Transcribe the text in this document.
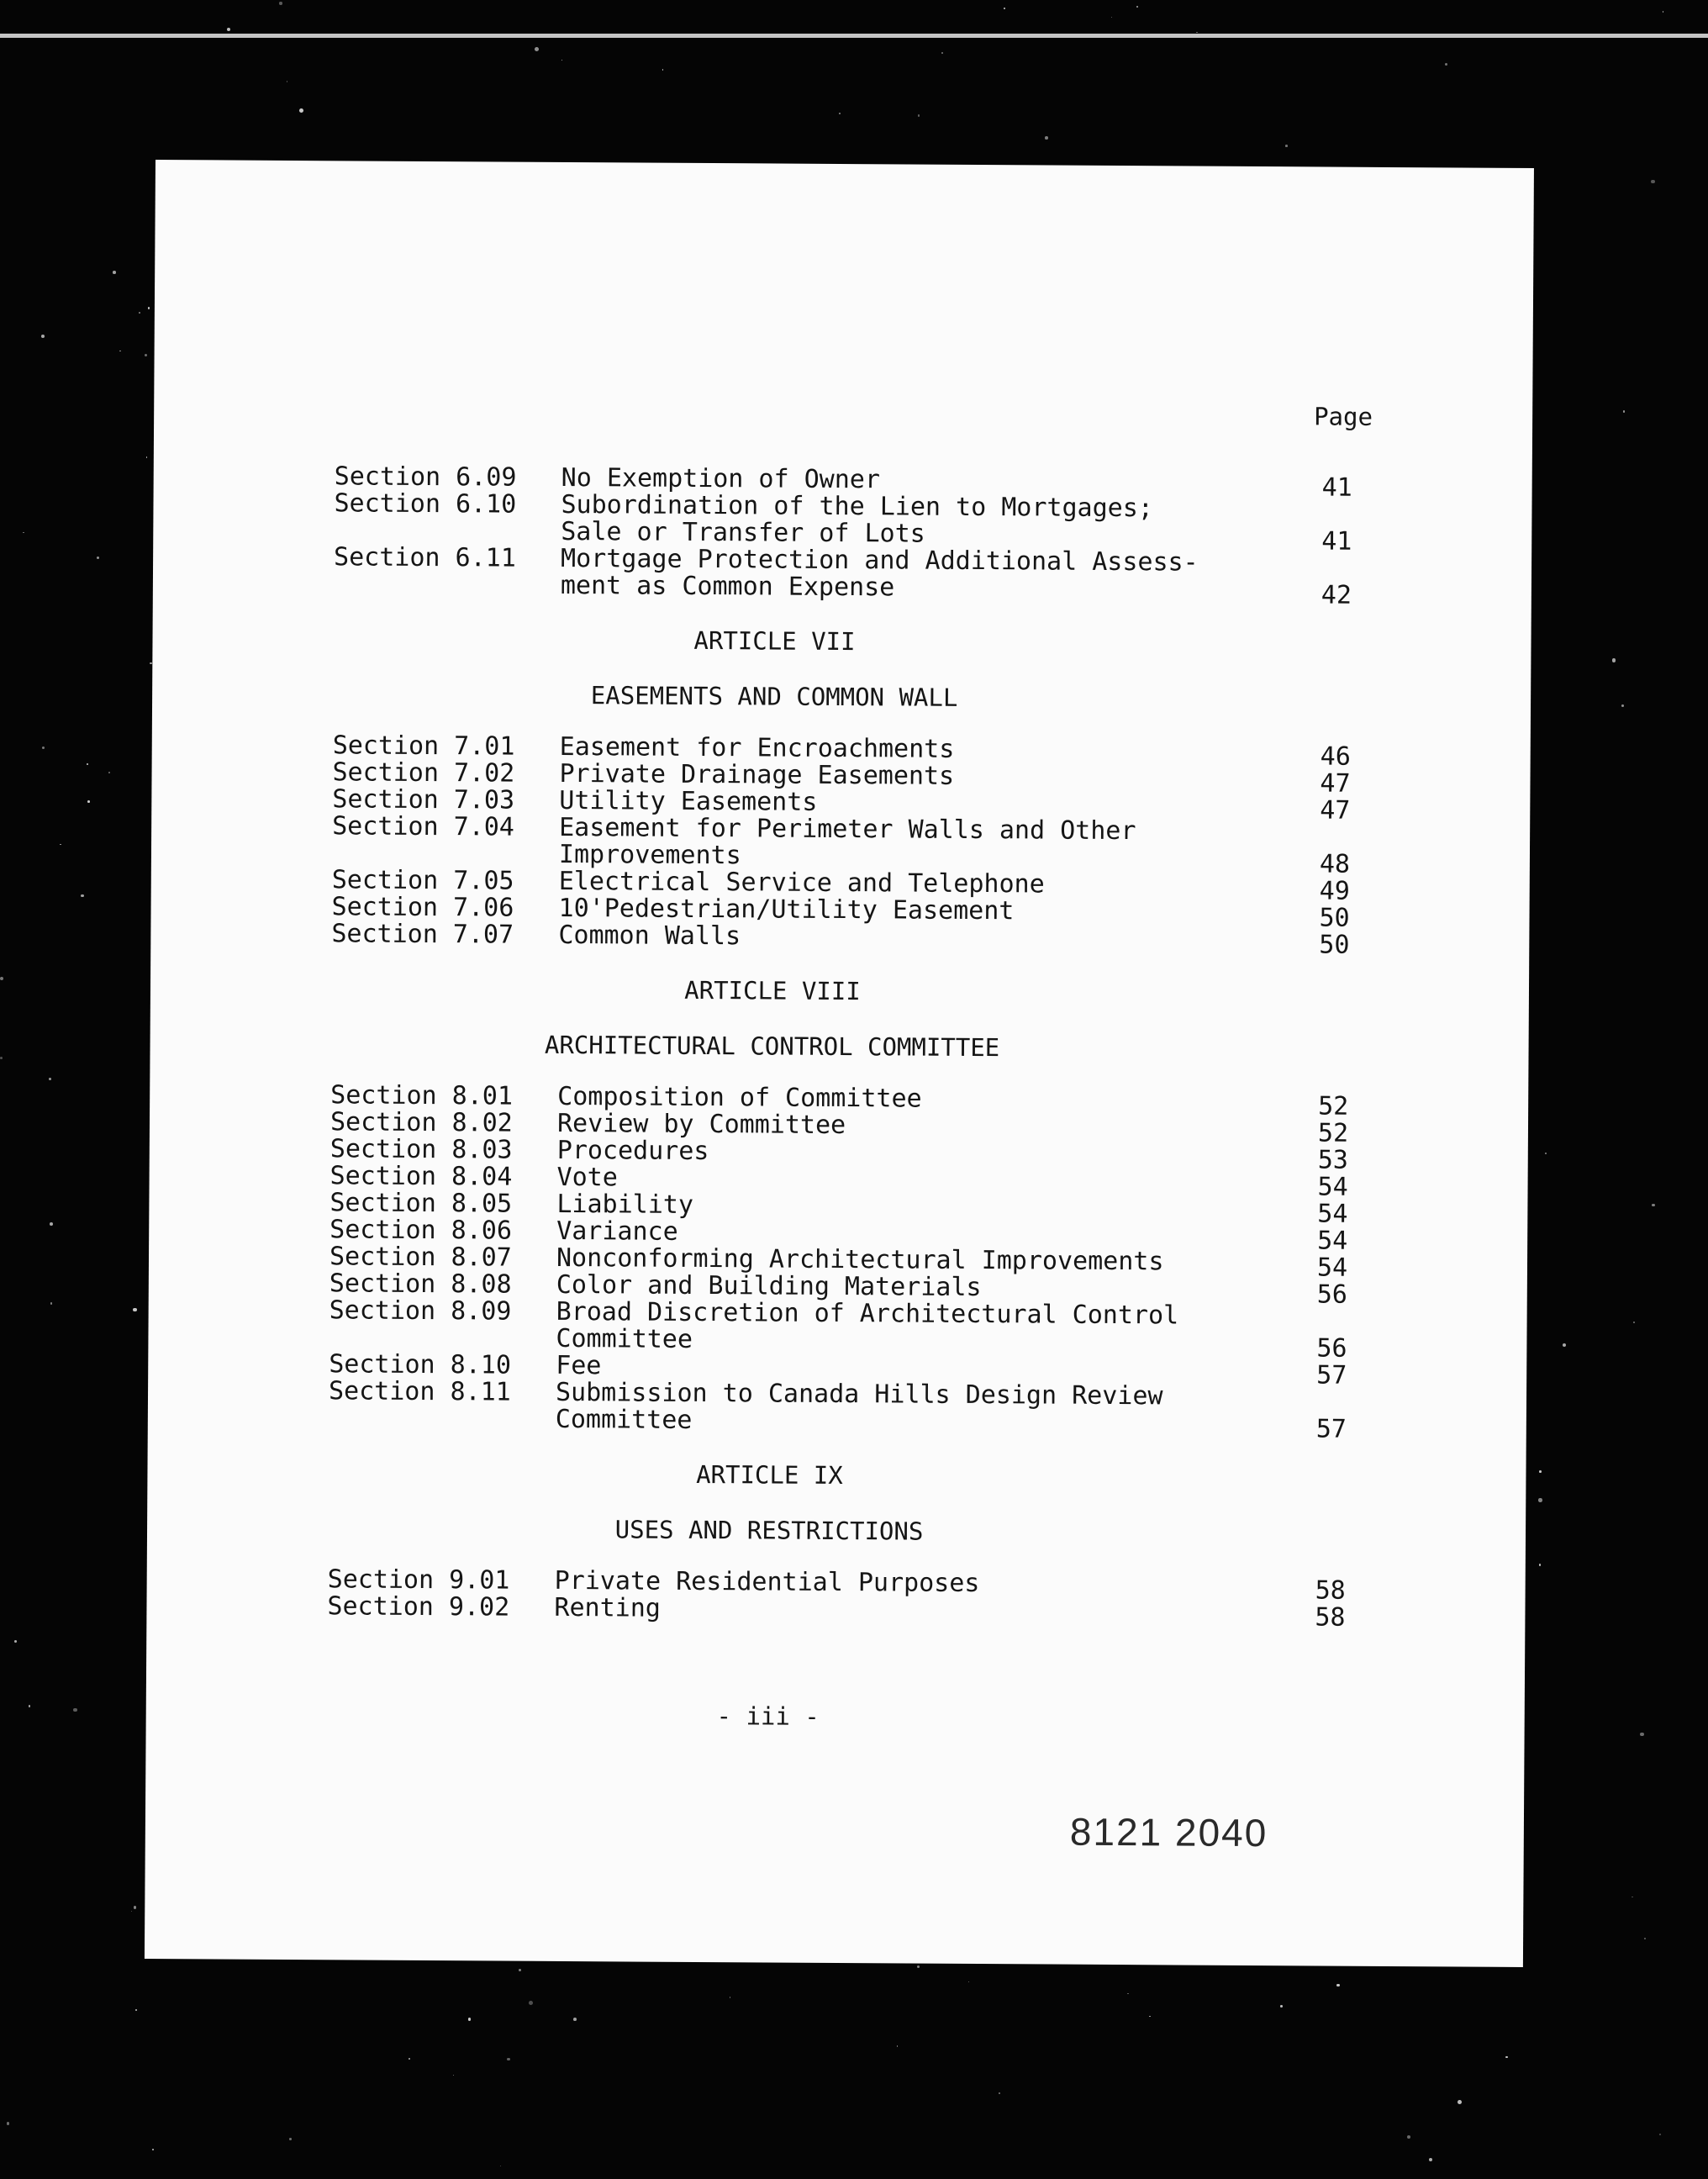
Page
Section 6.09 No Exemption of Owner	41
Section 6.10 Subordination of the Lien to Mortgages;
Sale or Transfer of Lots	41
Section 6.11 Mortgage Protection and Additional Assess-
ment as Common Expense	42
ARTICLE VII
EASEMENTS AND COMMON WALL
Section 7.01 Easement for Encroachments	46
Section 7.02 Private Drainage Easements	47
Section 7.03 Utility Easements	47
Section 7.04 Easement for Perimeter Walls and Other
Improvements	48
Section 7.05 Electrical Service and Telephone	49
Section 7.06 10'Pedestrian/Utility Easement	50
Section 7.07 Common Walls	50
ARTICLE VIII
ARCHITECTURAL CONTROL COMMITTEE
Section 8.01 Composition of Committee	52
Section 8.02 Review by Committee	52
Section 8.03 Procedures	53
Section 8.04 Vote	54
Section 8.05 Liability	54
Section 8.06 Variance	54
Section 8.07 Nonconforming Architectural Improvements	54
Section 8.08 Color and Building Materials	56
Section 8.09 Broad Discretion of Architectural Control
Committee	56
Section 8.10 Fee	57
Section 8.11 Submission to Canada Hills Design Review
Committee	57
ARTICLE IX
USES AND RESTRICTIONS
Section 9.01 Private Residential Purposes	58
Section 9.02 Renting	58
- iii -
8121 2040
